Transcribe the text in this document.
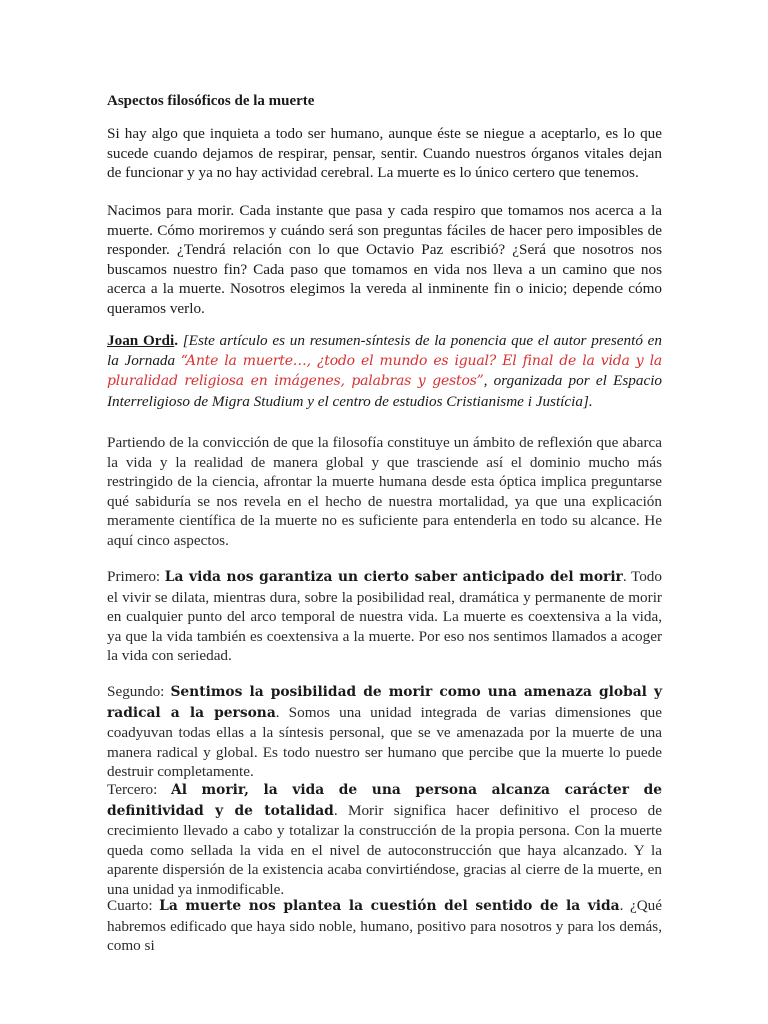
Aspectos filosóficos de la muerte

Si hay algo que inquieta a todo ser humano, aunque éste se niegue a aceptarlo, es lo que sucede cuando dejamos de respirar, pensar, sentir. Cuando nuestros órganos vitales dejan de funcionar y ya no hay actividad cerebral. La muerte es lo único certero que tenemos.

Nacimos para morir. Cada instante que pasa y cada respiro que tomamos nos acerca a la muerte. Cómo moriremos y cuándo será son preguntas fáciles de hacer pero imposibles de responder. ¿Tendrá relación con lo que Octavio Paz escribió? ¿Será que nosotros nos buscamos nuestro fin? Cada paso que tomamos en vida nos lleva a un camino que nos acerca a la muerte. Nosotros elegimos la vereda al inminente fin o inicio; depende cómo queramos verlo.

Joan Ordi. [Este artículo es un resumen-síntesis de la ponencia que el autor presentó en la Jornada “Ante la muerte…, ¿todo el mundo es igual? El final de la vida y la pluralidad religiosa en imágenes, palabras y gestos”, organizada por el Espacio Interreligioso de Migra Studium y el centro de estudios Cristianisme i Justícia].

Partiendo de la convicción de que la filosofía constituye un ámbito de reflexión que abarca la vida y la realidad de manera global y que trasciende así el dominio mucho más restringido de la ciencia, afrontar la muerte humana desde esta óptica implica preguntarse qué sabiduría se nos revela en el hecho de nuestra mortalidad, ya que una explicación meramente científica de la muerte no es suficiente para entenderla en todo su alcance. He aquí cinco aspectos.

Primero: La vida nos garantiza un cierto saber anticipado del morir. Todo el vivir se dilata, mientras dura, sobre la posibilidad real, dramática y permanente de morir en cualquier punto del arco temporal de nuestra vida. La muerte es coextensiva a la vida, ya que la vida también es coextensiva a la muerte. Por eso nos sentimos llamados a acoger la vida con seriedad.

Segundo: Sentimos la posibilidad de morir como una amenaza global y radical a la persona. Somos una unidad integrada de varias dimensiones que coadyuvan todas ellas a la síntesis personal, que se ve amenazada por la muerte de una manera radical y global. Es todo nuestro ser humano que percibe que la muerte lo puede destruir completamente.

Tercero: Al morir, la vida de una persona alcanza carácter de definitividad y de totalidad. Morir significa hacer definitivo el proceso de crecimiento llevado a cabo y totalizar la construcción de la propia persona. Con la muerte queda como sellada la vida en el nivel de autoconstrucción que haya alcanzado. Y la aparente dispersión de la existencia acaba convirtiéndose, gracias al cierre de la muerte, en una unidad ya inmodificable.

Cuarto: La muerte nos plantea la cuestión del sentido de la vida. ¿Qué habremos edificado que haya sido noble, humano, positivo para nosotros y para los demás, como si
